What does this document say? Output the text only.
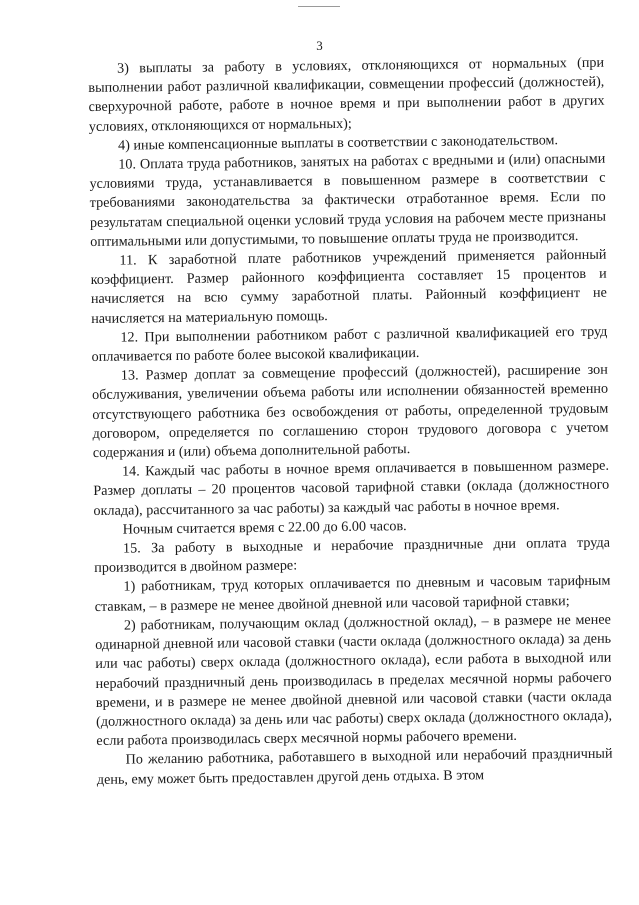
3

3) выплаты за работу в условиях, отклоняющихся от нормальных (при выполнении работ различной квалификации, совмещении профессий (должностей), сверхурочной работе, работе в ночное время и при выполнении работ в других условиях, отклоняющихся от нормальных);

4) иные компенсационные выплаты в соответствии с законодательством.

10. Оплата труда работников, занятых на работах с вредными и (или) опасными условиями труда, устанавливается в повышенном размере в соответствии с требованиями законодательства за фактически отработанное время. Если по результатам специальной оценки условий труда условия на рабочем месте признаны оптимальными или допустимыми, то повышение оплаты труда не производится.

11. К заработной плате работников учреждений применяется районный коэффициент. Размер районного коэффициента составляет 15 процентов и начисляется на всю сумму заработной платы. Районный коэффициент не начисляется на материальную помощь.

12. При выполнении работником работ с различной квалификацией его труд оплачивается по работе более высокой квалификации.

13. Размер доплат за совмещение профессий (должностей), расширение зон обслуживания, увеличении объема работы или исполнении обязанностей временно отсутствующего работника без освобождения от работы, определенной трудовым договором, определяется по соглашению сторон трудового договора с учетом содержания и (или) объема дополнительной работы.

14. Каждый час работы в ночное время оплачивается в повышенном размере. Размер доплаты – 20 процентов часовой тарифной ставки (оклада (должностного оклада), рассчитанного за час работы) за каждый час работы в ночное время.

Ночным считается время с 22.00 до 6.00 часов.

15. За работу в выходные и нерабочие праздничные дни оплата труда производится в двойном размере:

1) работникам, труд которых оплачивается по дневным и часовым тарифным ставкам, – в размере не менее двойной дневной или часовой тарифной ставки;

2) работникам, получающим оклад (должностной оклад), – в размере не менее одинарной дневной или часовой ставки (части оклада (должностного оклада) за день или час работы) сверх оклада (должностного оклада), если работа в выходной или нерабочий праздничный день производилась в пределах месячной нормы рабочего времени, и в размере не менее двойной дневной или часовой ставки (части оклада (должностного оклада) за день или час работы) сверх оклада (должностного оклада), если работа производилась сверх месячной нормы рабочего времени.

По желанию работника, работавшего в выходной или нерабочий праздничный день, ему может быть предоставлен другой день отдыха. В этом
